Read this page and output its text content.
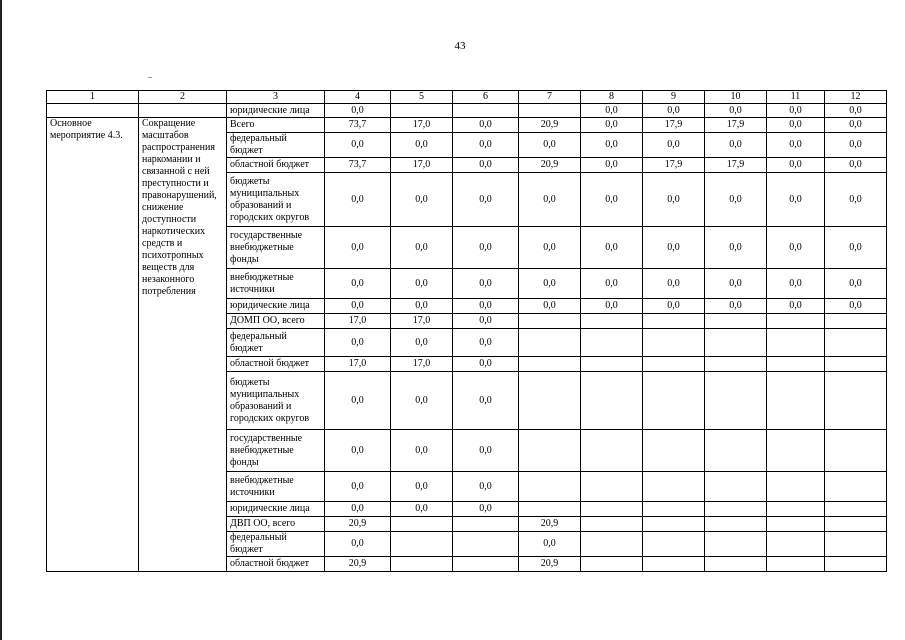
43
1	2	3	4	5	6	7	8	9	10	11	12
		юридические лица	0,0				0,0	0,0	0,0	0,0	0,0
Основное мероприятие 4.3.	Сокращение масштабов распространения наркомании и связанной с ней преступности и правонарушений, снижение доступности наркотических средств и психотропных веществ для незаконного потребления	Всего	73,7	17,0	0,0	20,9	0,0	17,9	17,9	0,0	0,0
		федеральный бюджет	0,0	0,0	0,0	0,0	0,0	0,0	0,0	0,0	0,0
		областной бюджет	73,7	17,0	0,0	20,9	0,0	17,9	17,9	0,0	0,0
		бюджеты муниципальных образований и городских округов	0,0	0,0	0,0	0,0	0,0	0,0	0,0	0,0	0,0
		государственные внебюджетные фонды	0,0	0,0	0,0	0,0	0,0	0,0	0,0	0,0	0,0
		внебюджетные источники	0,0	0,0	0,0	0,0	0,0	0,0	0,0	0,0	0,0
		юридические лица	0,0	0,0	0,0	0,0	0,0	0,0	0,0	0,0	0,0
		ДОМП ОО, всего	17,0	17,0	0,0						
		федеральный бюджет	0,0	0,0	0,0						
		областной бюджет	17,0	17,0	0,0						
		бюджеты муниципальных образований и городских округов	0,0	0,0	0,0						
		государственные внебюджетные фонды	0,0	0,0	0,0						
		внебюджетные источники	0,0	0,0	0,0						
		юридические лица	0,0	0,0	0,0						
		ДВП ОО, всего	20,9			20,9					
		федеральный бюджет	0,0			0,0					
		областной бюджет	20,9			20,9					
